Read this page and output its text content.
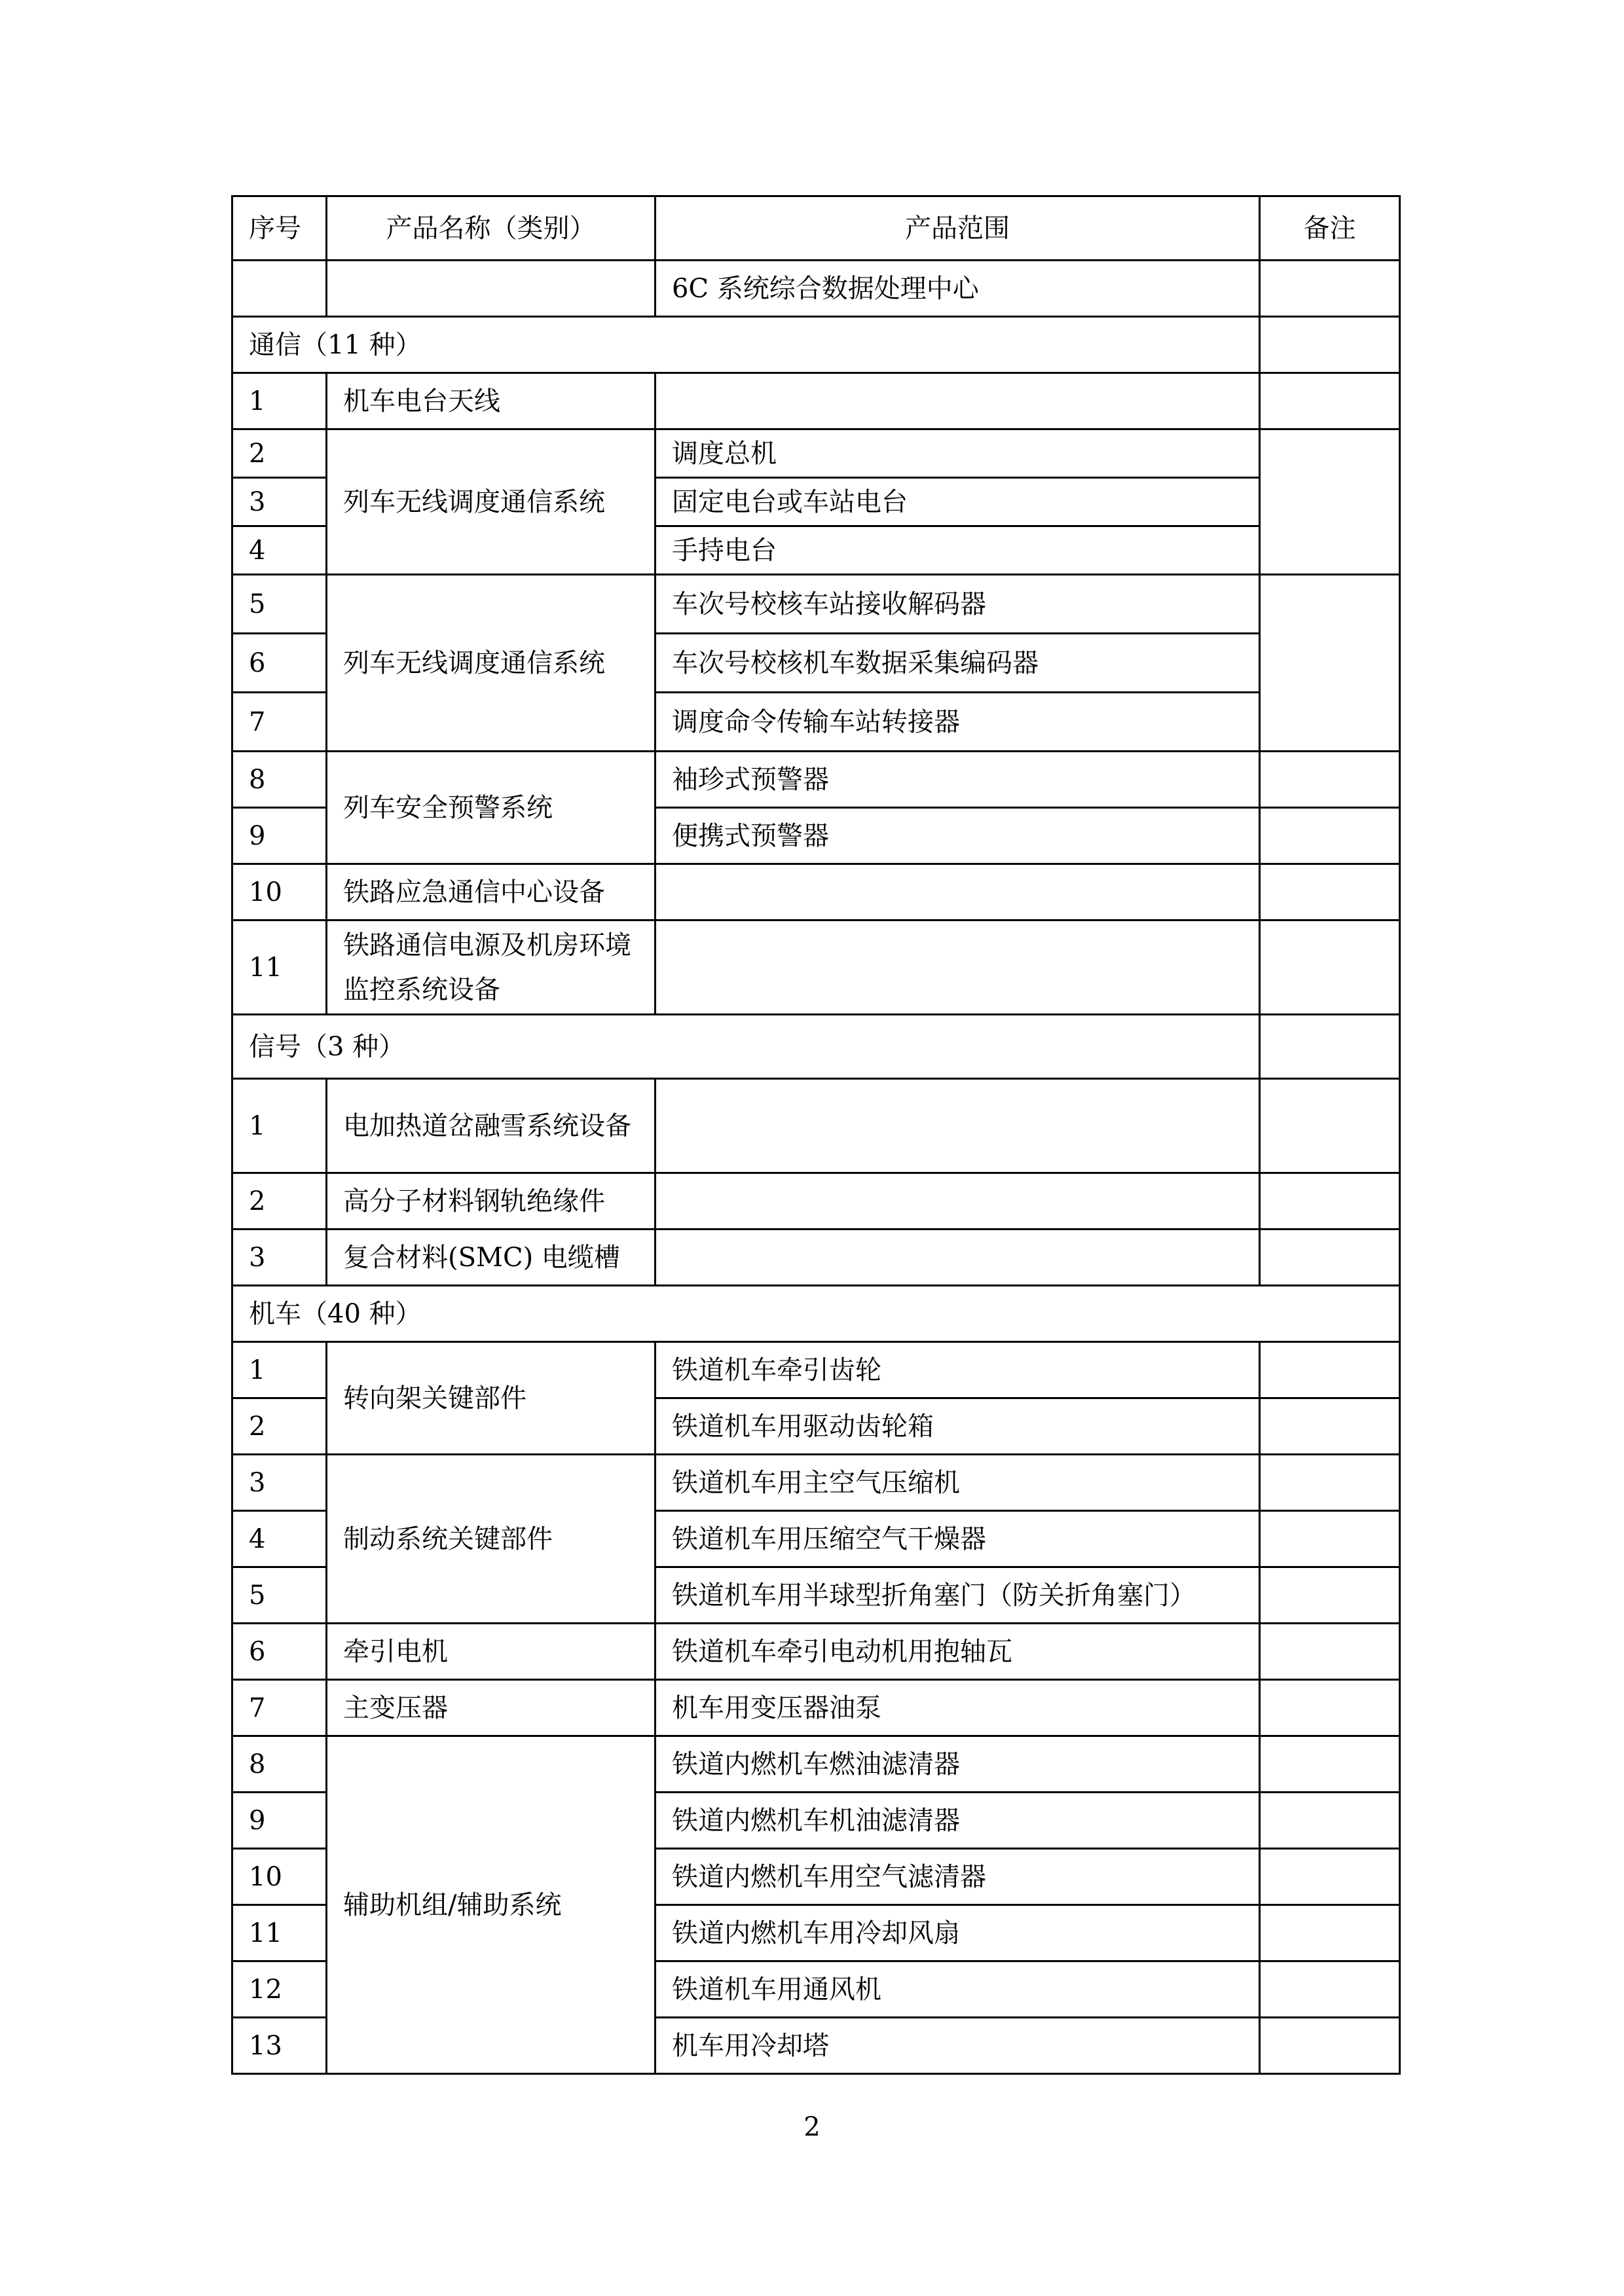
序号	产品名称（类别）	产品范围	备注
		6C 系统综合数据处理中心	
通信（11 种）			
1	机车电台天线		
2	列车无线调度通信系统	调度总机	
3		固定电台或车站电台	
4		手持电台	
5	列车无线调度通信系统	车次号校核车站接收解码器	
6		车次号校核机车数据采集编码器	
7		调度命令传输车站转接器	
8	列车安全预警系统	袖珍式预警器	
9		便携式预警器	
10	铁路应急通信中心设备		
11	铁路通信电源及机房环境监控系统设备		
信号（3 种）			
1	电加热道岔融雪系统设备		
2	高分子材料钢轨绝缘件		
3	复合材料(SMC) 电缆槽		
机车（40 种）			
1	转向架关键部件	铁道机车牵引齿轮	
2		铁道机车用驱动齿轮箱	
3	制动系统关键部件	铁道机车用主空气压缩机	
4		铁道机车用压缩空气干燥器	
5		铁道机车用半球型折角塞门（防关折角塞门）	
6	牵引电机	铁道机车牵引电动机用抱轴瓦	
7	主变压器	机车用变压器油泵	
8	辅助机组/辅助系统	铁道内燃机车燃油滤清器	
9		铁道内燃机车机油滤清器	
10		铁道内燃机车用空气滤清器	
11		铁道内燃机车用冷却风扇	
12		铁道机车用通风机	
13		机车用冷却塔	
2
